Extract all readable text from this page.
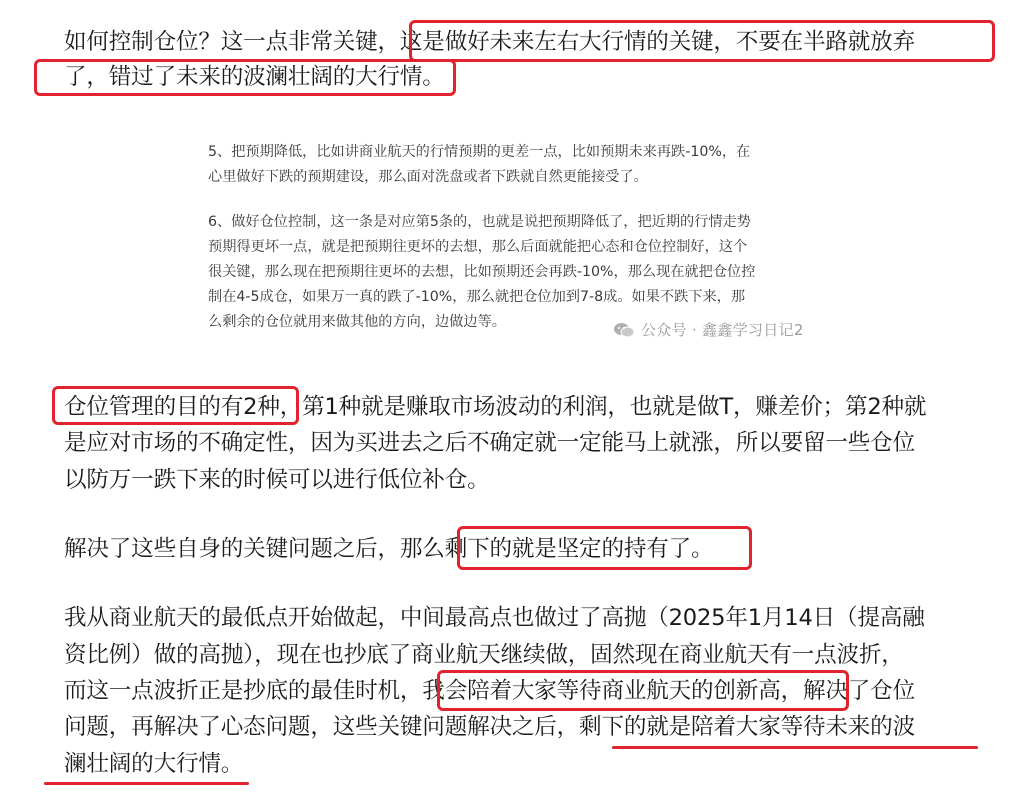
如何控制仓位？这一点非常关键，这是做好未来左右大行情的关键，不要在半路就放弃
了，错过了未来的波澜壮阔的大行情。
5、把预期降低，比如讲商业航天的行情预期的更差一点，比如预期未来再跌-10%，在
心里做好下跌的预期建设，那么面对洗盘或者下跌就自然更能接受了。
6、做好仓位控制，这一条是对应第5条的，也就是说把预期降低了，把近期的行情走势
预期得更坏一点，就是把预期往更坏的去想，那么后面就能把心态和仓位控制好，这个
很关键，那么现在把预期往更坏的去想，比如预期还会再跌-10%，那么现在就把仓位控
制在4-5成仓，如果万一真的跌了-10%，那么就把仓位加到7-8成。如果不跌下来，那
么剩余的仓位就用来做其他的方向，边做边等。	公众号 · 鑫鑫学习日记2
仓位管理的目的有2种，第1种就是赚取市场波动的利润，也就是做T，赚差价；第2种就
是应对市场的不确定性，因为买进去之后不确定就一定能马上就涨，所以要留一些仓位
以防万一跌下来的时候可以进行低位补仓。
解决了这些自身的关键问题之后，那么剩下的就是坚定的持有了。
我从商业航天的最低点开始做起，中间最高点也做过了高抛（2025年1月14日（提高融
资比例）做的高抛），现在也抄底了商业航天继续做，固然现在商业航天有一点波折，
而这一点波折正是抄底的最佳时机，我会陪着大家等待商业航天的创新高，解决了仓位
问题，再解决了心态问题，这些关键问题解决之后，剩下的就是陪着大家等待未来的波
澜壮阔的大行情。
